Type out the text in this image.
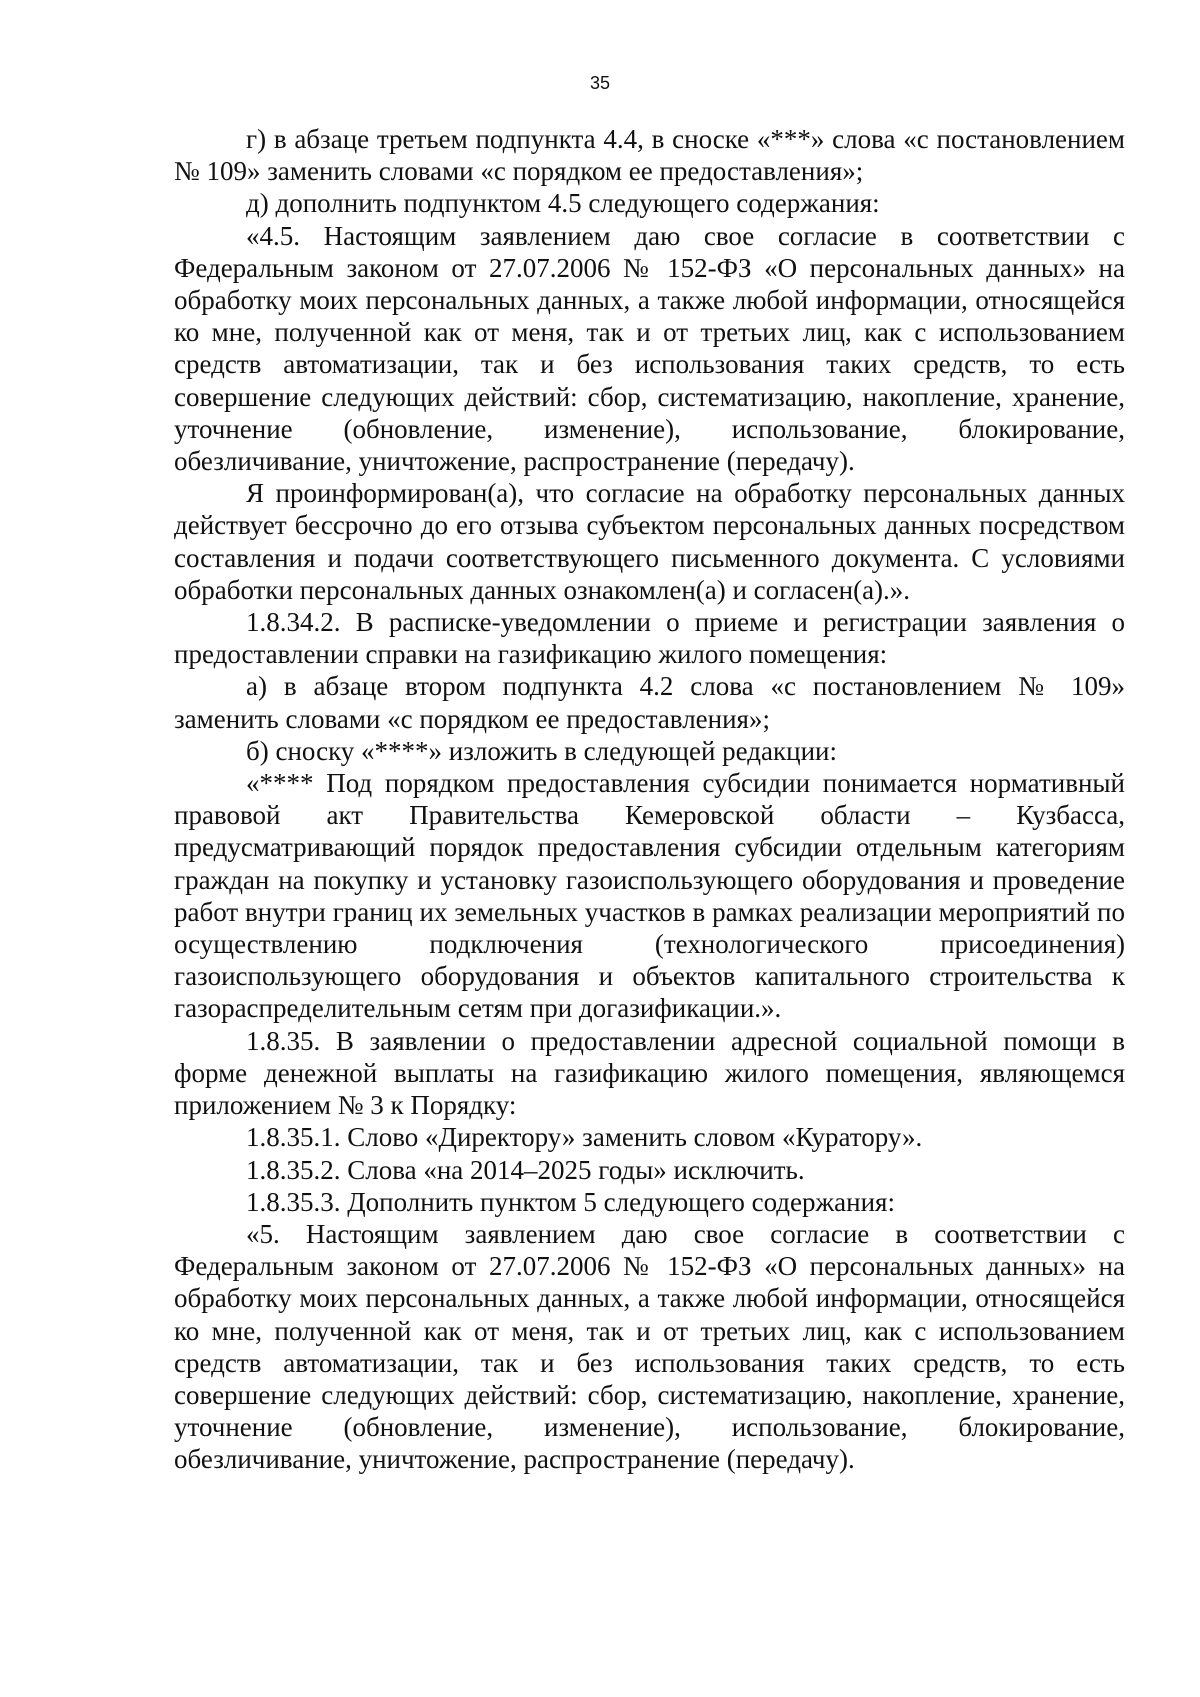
35

г) в абзаце третьем подпункта 4.4, в сноске «***» слова «с постановлением № 109» заменить словами «с порядком ее предоставления»;

д) дополнить подпунктом 4.5 следующего содержания:

«4.5. Настоящим заявлением даю свое согласие в соответствии с Федеральным законом от 27.07.2006 № 152-ФЗ «О персональных данных» на обработку моих персональных данных, а также любой информации, относящейся ко мне, полученной как от меня, так и от третьих лиц, как с использованием средств автоматизации, так и без использования таких средств, то есть совершение следующих действий: сбор, систематизацию, накопление, хранение, уточнение (обновление, изменение), использование, блокирование, обезличивание, уничтожение, распространение (передачу).

Я проинформирован(а), что согласие на обработку персональных данных действует бессрочно до его отзыва субъектом персональных данных посредством составления и подачи соответствующего письменного документа. С условиями обработки персональных данных ознакомлен(а) и согласен(а).».

1.8.34.2. В расписке-уведомлении о приеме и регистрации заявления о предоставлении справки на газификацию жилого помещения:

а) в абзаце втором подпункта 4.2 слова «с постановлением № 109» заменить словами «с порядком ее предоставления»;

б) сноску «****» изложить в следующей редакции:

«**** Под порядком предоставления субсидии понимается нормативный правовой акт Правительства Кемеровской области – Кузбасса, предусматривающий порядок предоставления субсидии отдельным категориям граждан на покупку и установку газоиспользующего оборудования и проведение работ внутри границ их земельных участков в рамках реализации мероприятий по осуществлению подключения (технологического присоединения) газоиспользующего оборудования и объектов капитального строительства к газораспределительным сетям при догазификации.».

1.8.35. В заявлении о предоставлении адресной социальной помощи в форме денежной выплаты на газификацию жилого помещения, являющемся приложением № 3 к Порядку:

1.8.35.1. Слово «Директору» заменить словом «Куратору».

1.8.35.2. Слова «на 2014–2025 годы» исключить.

1.8.35.3. Дополнить пунктом 5 следующего содержания:

«5. Настоящим заявлением даю свое согласие в соответствии с Федеральным законом от 27.07.2006 № 152-ФЗ «О персональных данных» на обработку моих персональных данных, а также любой информации, относящейся ко мне, полученной как от меня, так и от третьих лиц, как с использованием средств автоматизации, так и без использования таких средств, то есть совершение следующих действий: сбор, систематизацию, накопление, хранение, уточнение (обновление, изменение), использование, блокирование, обезличивание, уничтожение, распространение (передачу).
